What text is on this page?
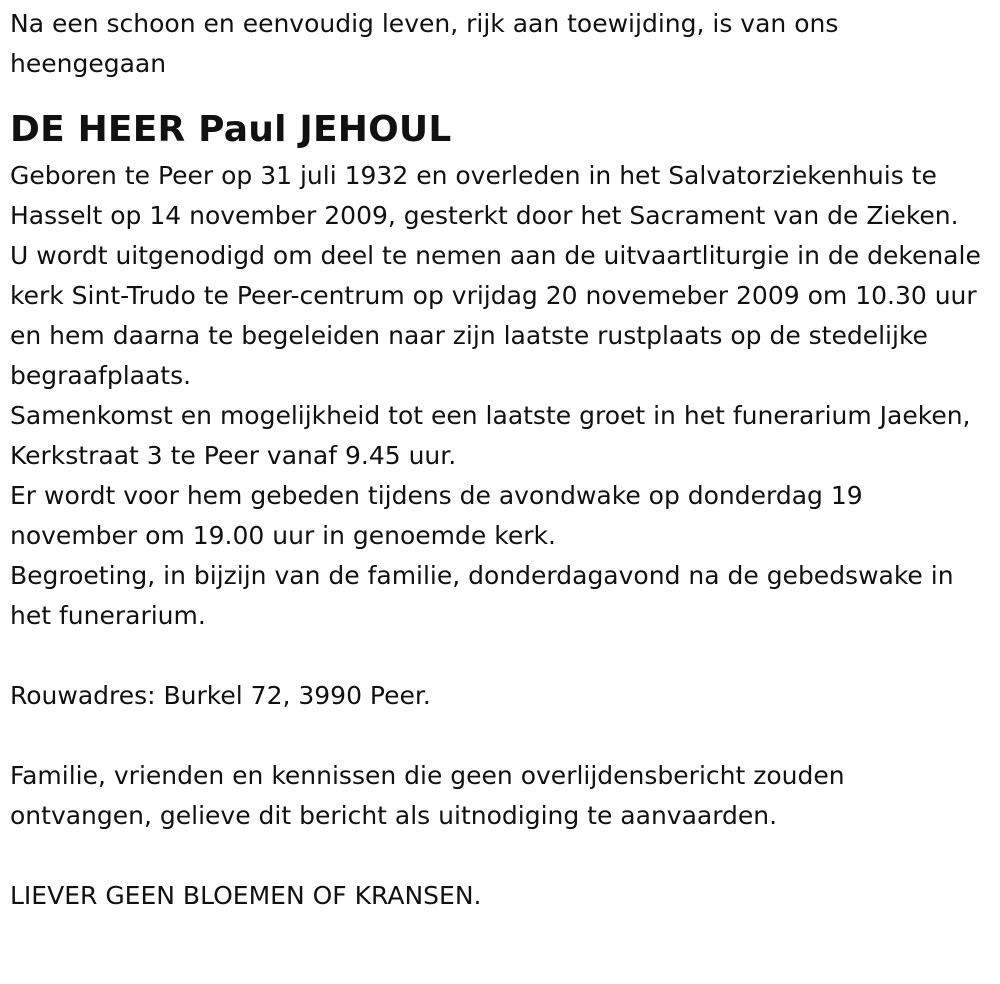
Na een schoon en eenvoudig leven, rijk aan toewijding, is van ons heengegaan

DE HEER Paul JEHOUL

Geboren te Peer op 31 juli 1932 en overleden in het Salvatorziekenhuis te Hasselt op 14 november 2009, gesterkt door het Sacrament van de Zieken.

U wordt uitgenodigd om deel te nemen aan de uitvaartliturgie in de dekenale kerk Sint-Trudo te Peer-centrum op vrijdag 20 novemeber 2009 om 10.30 uur en hem daarna te begeleiden naar zijn laatste rustplaats op de stedelijke begraafplaats.

Samenkomst en mogelijkheid tot een laatste groet in het funerarium Jaeken, Kerkstraat 3 te Peer vanaf 9.45 uur.

Er wordt voor hem gebeden tijdens de avondwake op donderdag 19 november om 19.00 uur in genoemde kerk.

Begroeting, in bijzijn van de familie, donderdagavond na de gebedswake in het funerarium.

Rouwadres: Burkel 72, 3990 Peer.

Familie, vrienden en kennissen die geen overlijdensbericht zouden ontvangen, gelieve dit bericht als uitnodiging te aanvaarden.

LIEVER GEEN BLOEMEN OF KRANSEN.
